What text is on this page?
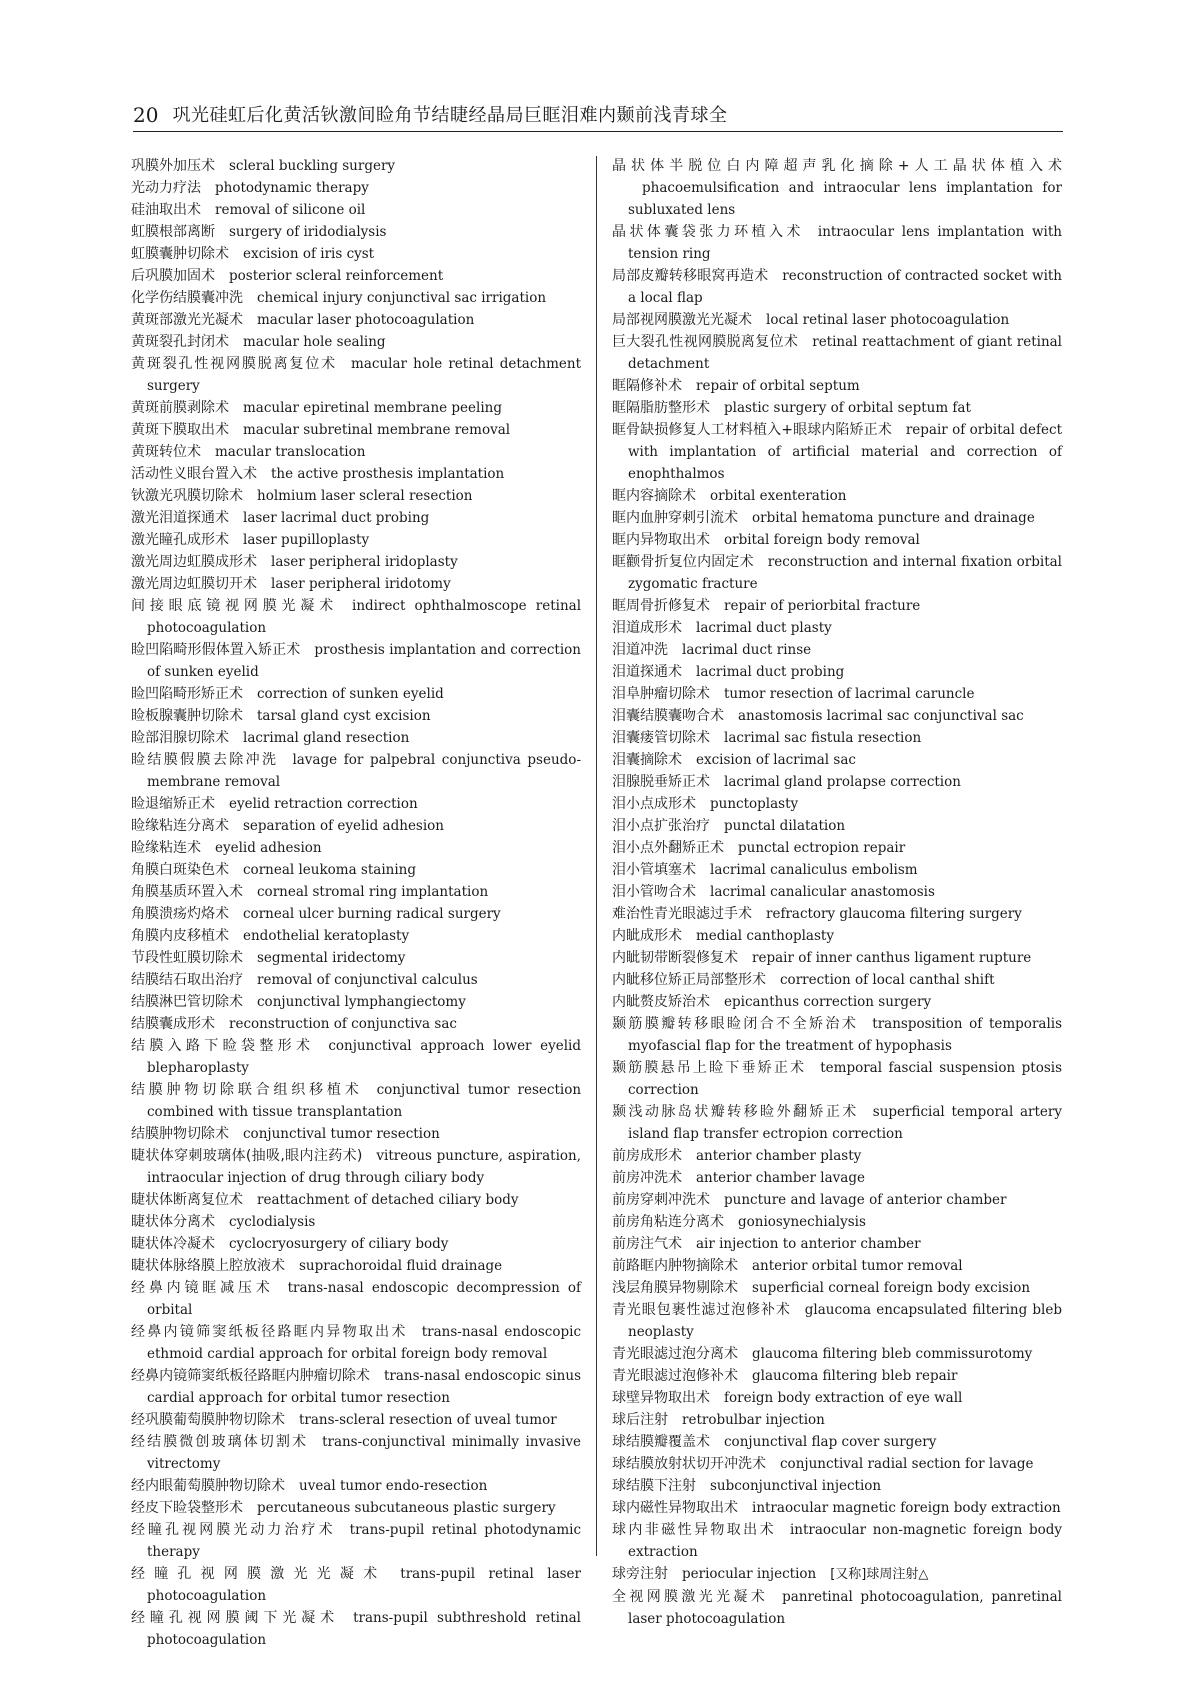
20 巩光硅虹后化黄活钬激间睑角节结睫经晶局巨眶泪难内颞前浅青球全
巩膜外加压术 scleral buckling surgery
光动力疗法 photodynamic therapy
硅油取出术 removal of silicone oil
虹膜根部离断 surgery of iridodialysis
虹膜囊肿切除术 excision of iris cyst
后巩膜加固术 posterior scleral reinforcement
化学伤结膜囊冲洗 chemical injury conjunctival sac irrigation
黄斑部激光光凝术 macular laser photocoagulation
黄斑裂孔封闭术 macular hole sealing
黄斑裂孔性视网膜脱离复位术 macular hole retinal detachment surgery
黄斑前膜剥除术 macular epiretinal membrane peeling
黄斑下膜取出术 macular subretinal membrane removal
黄斑转位术 macular translocation
活动性义眼台置入术 the active prosthesis implantation
钬激光巩膜切除术 holmium laser scleral resection
激光泪道探通术 laser lacrimal duct probing
激光瞳孔成形术 laser pupilloplasty
激光周边虹膜成形术 laser peripheral iridoplasty
激光周边虹膜切开术 laser peripheral iridotomy
间接眼底镜视网膜光凝术 indirect ophthalmoscope retinal photocoagulation
睑凹陷畸形假体置入矫正术 prosthesis implantation and correction of sunken eyelid
睑凹陷畸形矫正术 correction of sunken eyelid
睑板腺囊肿切除术 tarsal gland cyst excision
睑部泪腺切除术 lacrimal gland resection
睑结膜假膜去除冲洗 lavage for palpebral conjunctiva pseudo-membrane removal
睑退缩矫正术 eyelid retraction correction
睑缘粘连分离术 separation of eyelid adhesion
睑缘粘连术 eyelid adhesion
角膜白斑染色术 corneal leukoma staining
角膜基质环置入术 corneal stromal ring implantation
角膜溃疡灼烙术 corneal ulcer burning radical surgery
角膜内皮移植术 endothelial keratoplasty
节段性虹膜切除术 segmental iridectomy
结膜结石取出治疗 removal of conjunctival calculus
结膜淋巴管切除术 conjunctival lymphangiectomy
结膜囊成形术 reconstruction of conjunctiva sac
结膜入路下睑袋整形术 conjunctival approach lower eyelid blepharoplasty
结膜肿物切除联合组织移植术 conjunctival tumor resection combined with tissue transplantation
结膜肿物切除术 conjunctival tumor resection
睫状体穿刺玻璃体(抽吸,眼内注药术) vitreous puncture, aspiration, intraocular injection of drug through ciliary body
睫状体断离复位术 reattachment of detached ciliary body
睫状体分离术 cyclodialysis
睫状体冷凝术 cyclocryosurgery of ciliary body
睫状体脉络膜上腔放液术 suprachoroidal fluid drainage
经鼻内镜眶减压术 trans-nasal endoscopic decompression of orbital
经鼻内镜筛窦纸板径路眶内异物取出术 trans-nasal endoscopic ethmoid cardial approach for orbital foreign body removal
经鼻内镜筛窦纸板径路眶内肿瘤切除术 trans-nasal endoscopic sinus cardial approach for orbital tumor resection
经巩膜葡萄膜肿物切除术 trans-scleral resection of uveal tumor
经结膜微创玻璃体切割术 trans-conjunctival minimally invasive vitrectomy
经内眼葡萄膜肿物切除术 uveal tumor endo-resection
经皮下睑袋整形术 percutaneous subcutaneous plastic surgery
经瞳孔视网膜光动力治疗术 trans-pupil retinal photodynamic therapy
经瞳孔视网膜激光光凝术 trans-pupil retinal laser photocoagulation
经瞳孔视网膜阈下光凝术 trans-pupil subthreshold retinal photocoagulation
晶状体半脱位白内障超声乳化摘除+人工晶状体植入术phacoemulsification and intraocular lens implantation for subluxated lens
晶状体囊袋张力环植入术 intraocular lens implantation with tension ring
局部皮瓣转移眼窝再造术 reconstruction of contracted socket with a local flap
局部视网膜激光光凝术 local retinal laser photocoagulation
巨大裂孔性视网膜脱离复位术 retinal reattachment of giant retinal detachment
眶隔修补术 repair of orbital septum
眶隔脂肪整形术 plastic surgery of orbital septum fat
眶骨缺损修复人工材料植入+眼球内陷矫正术 repair of orbital defect with implantation of artificial material and correction of enophthalmos
眶内容摘除术 orbital exenteration
眶内血肿穿刺引流术 orbital hematoma puncture and drainage
眶内异物取出术 orbital foreign body removal
眶颧骨折复位内固定术 reconstruction and internal fixation orbital zygomatic fracture
眶周骨折修复术 repair of periorbital fracture
泪道成形术 lacrimal duct plasty
泪道冲洗 lacrimal duct rinse
泪道探通术 lacrimal duct probing
泪阜肿瘤切除术 tumor resection of lacrimal caruncle
泪囊结膜囊吻合术 anastomosis lacrimal sac conjunctival sac
泪囊瘘管切除术 lacrimal sac fistula resection
泪囊摘除术 excision of lacrimal sac
泪腺脱垂矫正术 lacrimal gland prolapse correction
泪小点成形术 punctoplasty
泪小点扩张治疗 punctal dilatation
泪小点外翻矫正术 punctal ectropion repair
泪小管填塞术 lacrimal canaliculus embolism
泪小管吻合术 lacrimal canalicular anastomosis
难治性青光眼滤过手术 refractory glaucoma filtering surgery
内眦成形术 medial canthoplasty
内眦韧带断裂修复术 repair of inner canthus ligament rupture
内眦移位矫正局部整形术 correction of local canthal shift
内眦赘皮矫治术 epicanthus correction surgery
颞筋膜瓣转移眼睑闭合不全矫治术 transposition of temporalis myofascial flap for the treatment of hypophasis
颞筋膜悬吊上睑下垂矫正术 temporal fascial suspension ptosis correction
颞浅动脉岛状瓣转移睑外翻矫正术 superficial temporal artery island flap transfer ectropion correction
前房成形术 anterior chamber plasty
前房冲洗术 anterior chamber lavage
前房穿刺冲洗术 puncture and lavage of anterior chamber
前房角粘连分离术 goniosynechialysis
前房注气术 air injection to anterior chamber
前路眶内肿物摘除术 anterior orbital tumor removal
浅层角膜异物剔除术 superficial corneal foreign body excision
青光眼包裹性滤过泡修补术 glaucoma encapsulated filtering bleb neoplasty
青光眼滤过泡分离术 glaucoma filtering bleb commissurotomy
青光眼滤过泡修补术 glaucoma filtering bleb repair
球壁异物取出术 foreign body extraction of eye wall
球后注射 retrobulbar injection
球结膜瓣覆盖术 conjunctival flap cover surgery
球结膜放射状切开冲洗术 conjunctival radial section for lavage
球结膜下注射 subconjunctival injection
球内磁性异物取出术 intraocular magnetic foreign body extraction
球内非磁性异物取出术 intraocular non-magnetic foreign body extraction
球旁注射 periocular injection [又称]球周注射△
全视网膜激光光凝术 panretinal photocoagulation, panretinal laser photocoagulation
